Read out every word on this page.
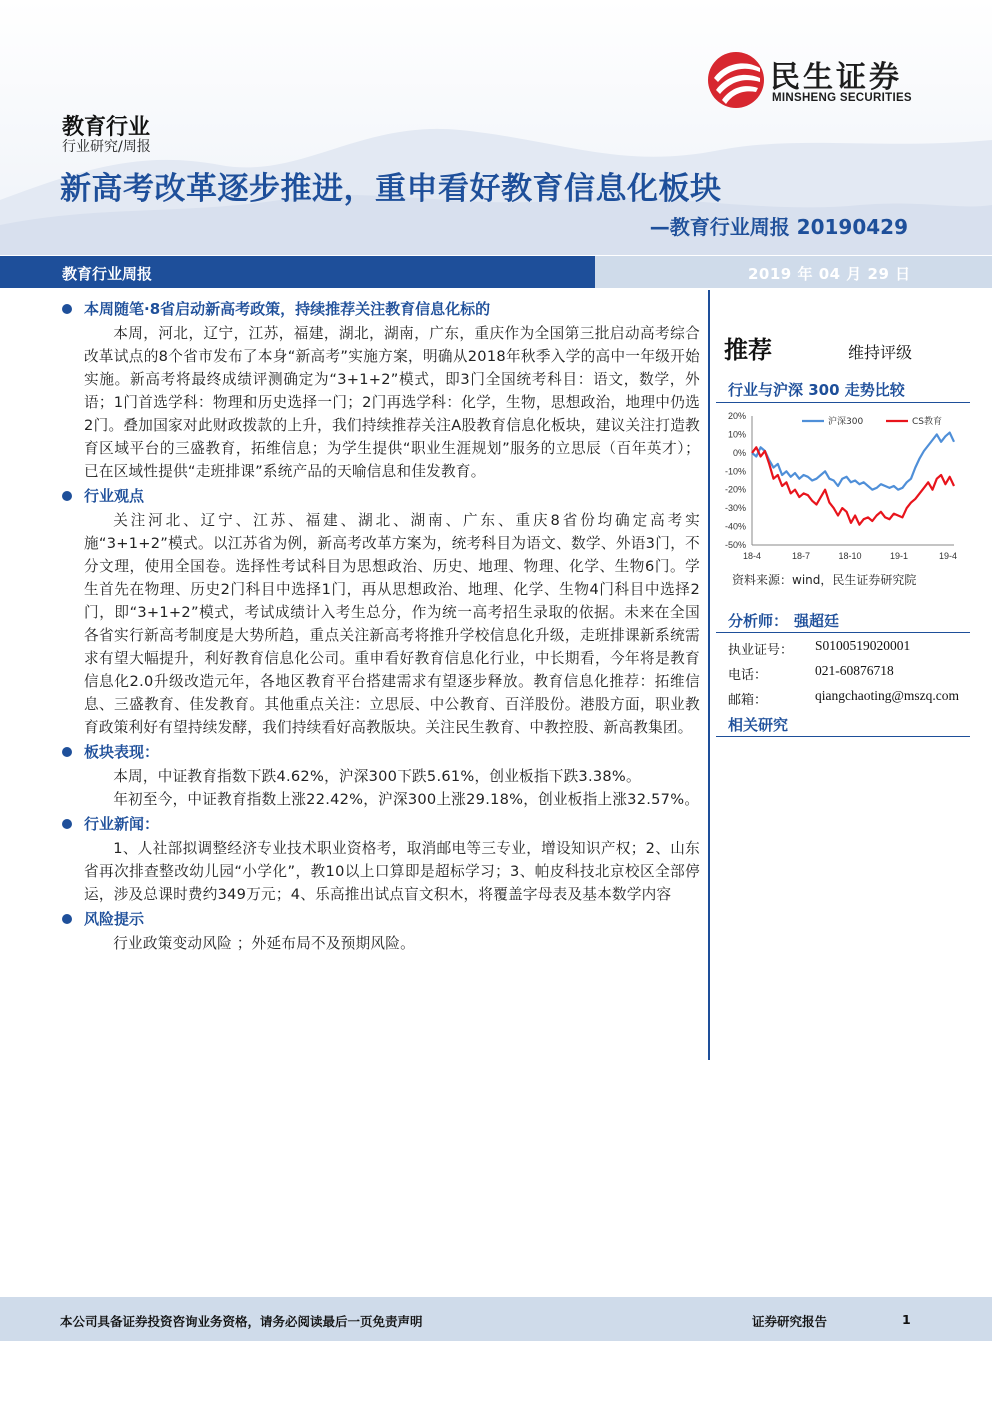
民生证券
MINSHENG SECURITIES
教育行业
行业研究/周报
新高考改革逐步推进，重申看好教育信息化板块
—教育行业周报 20190429
教育行业周报	2019 年 04 月 29 日
推荐	维持评级
行业与沪深 300 走势比较
20%
10%
0%
-10%
-20%
-30%
-40%
-50%
18-4	18-7	18-10	19-1	19-4
沪深300	CS教育
资料来源：wind，民生证券研究院
分析师： 强超廷
执业证号： S0100519020001
电话：	021-60876718
邮箱：	qiangchaoting@mszq.com
相关研究
本周随笔·8省启动新高考政策，持续推荐关注教育信息化标的

本周，河北，辽宁，江苏，福建，湖北，湖南，广东，重庆作为全国第三批启动高考综合改革试点的8个省市发布了本身“新高考”实施方案，明确从2018年秋季入学的高中一年级开始实施。新高考将最终成绩评测确定为“3+1+2”模式，即3门全国统考科目：语文，数学，外语；1门首选学科：物理和历史选择一门；2门再选学科：化学，生物，思想政治，地理中仍选2门。叠加国家对此财政拨款的上升，我们持续推荐关注A股教育信息化板块，建议关注打造教育区域平台的三盛教育，拓维信息；为学生提供“职业生涯规划”服务的立思辰（百年英才）；已在区域性提供“走班排课”系统产品的天喻信息和佳发教育。

行业观点

关注河北、辽宁、江苏、福建、湖北、湖南、广东、重庆8省份均确定高考实施“3+1+2”模式。以江苏省为例，新高考改革方案为，统考科目为语文、数学、外语3门，不分文理，使用全国卷。选择性考试科目为思想政治、历史、地理、物理、化学、生物6门。学生首先在物理、历史2门科目中选择1门，再从思想政治、地理、化学、生物4门科目中选择2门，即“3+1+2”模式，考试成绩计入考生总分，作为统一高考招生录取的依据。未来在全国各省实行新高考制度是大势所趋，重点关注新高考将推升学校信息化升级，走班排课新系统需求有望大幅提升，利好教育信息化公司。重申看好教育信息化行业，中长期看，今年将是教育信息化2.0升级改造元年，各地区教育平台搭建需求有望逐步释放。教育信息化推荐：拓维信息、三盛教育、佳发教育。其他重点关注：立思辰、中公教育、百洋股份。港股方面，职业教育政策利好有望持续发酵，我们持续看好高教版块。关注民生教育、中教控股、新高教集团。

板块表现：

本周，中证教育指数下跌4.62%，沪深300下跌5.61%，创业板指下跌3.38%。

年初至今，中证教育指数上涨22.42%，沪深300上涨29.18%，创业板指上涨32.57%。

行业新闻：

1、人社部拟调整经济专业技术职业资格考，取消邮电等三专业，增设知识产权；2、山东省再次排查整改幼儿园“小学化”，教10以上口算即是超标学习；3、帕皮科技北京校区全部停运，涉及总课时费约349万元；4、乐高推出试点盲文积木，将覆盖字母表及基本数学内容

风险提示

行业政策变动风险 ；外延布局不及预期风险。

本公司具备证券投资咨询业务资格，请务必阅读最后一页免责声明	证券研究报告	1
